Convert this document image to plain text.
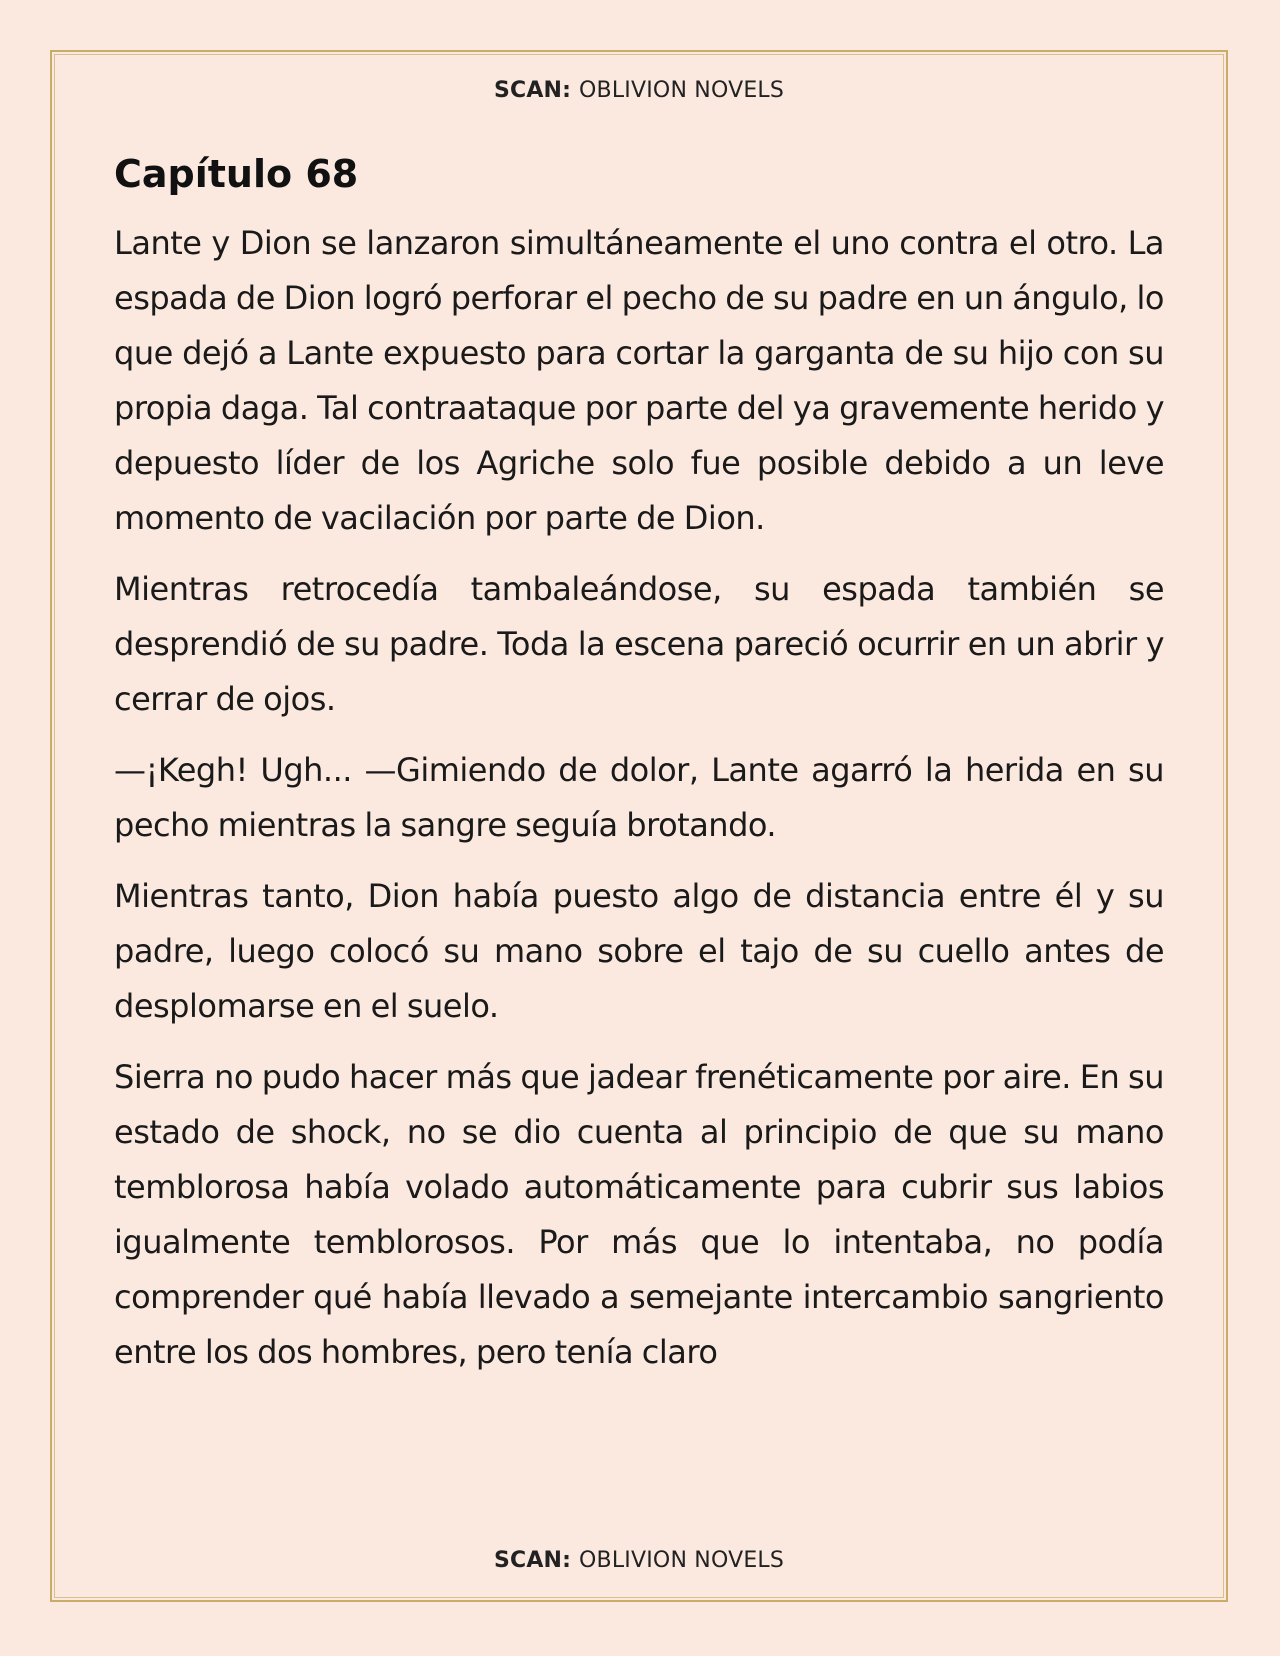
SCAN: OBLIVION NOVELS
Capítulo 68

Lante y Dion se lanzaron simultáneamente el uno contra el otro. La espada de Dion logró perforar el pecho de su padre en un ángulo, lo que dejó a Lante expuesto para cortar la garganta de su hijo con su propia daga. Tal contraataque por parte del ya gravemente herido y depuesto líder de los Agriche solo fue posible debido a un leve momento de vacilación por parte de Dion.

Mientras retrocedía tambaleándose, su espada también se desprendió de su padre. Toda la escena pareció ocurrir en un abrir y cerrar de ojos.

—¡Kegh! Ugh... —Gimiendo de dolor, Lante agarró la herida en su pecho mientras la sangre seguía brotando.

Mientras tanto, Dion había puesto algo de distancia entre él y su padre, luego colocó su mano sobre el tajo de su cuello antes de desplomarse en el suelo.

Sierra no pudo hacer más que jadear frenéticamente por aire. En su estado de shock, no se dio cuenta al principio de que su mano temblorosa había volado automáticamente para cubrir sus labios igualmente temblorosos. Por más que lo intentaba, no podía comprender qué había llevado a semejante intercambio sangriento entre los dos hombres, pero tenía claro

SCAN: OBLIVION NOVELS
